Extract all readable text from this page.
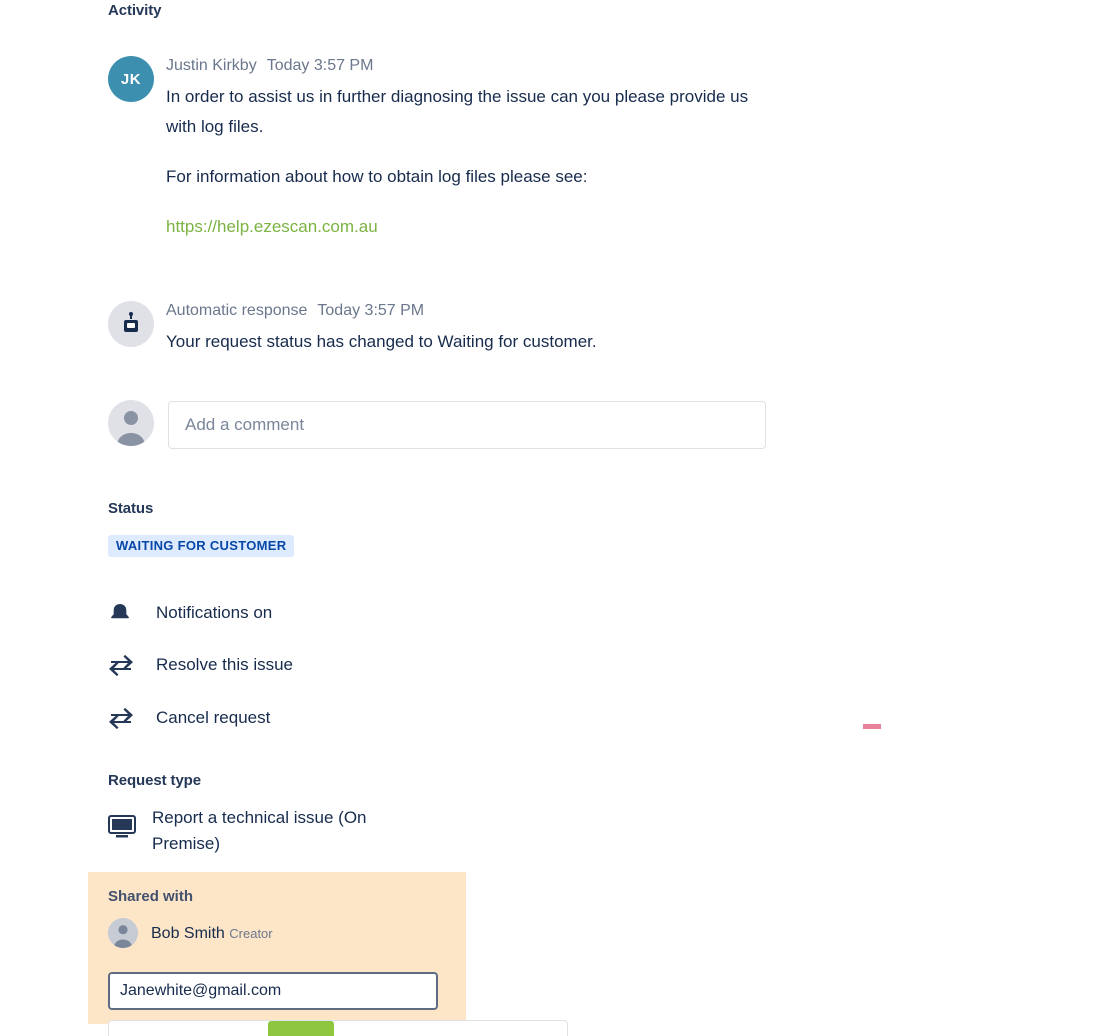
Activity
JK
Justin Kirkby Today 3:57 PM

In order to assist us in further diagnosing the issue can you please provide us with log files.

For information about how to obtain log files please see:

https://help.ezescan.com.au
Automatic response Today 3:57 PM

Your request status has changed to Waiting for customer.

Add a comment
Status
WAITING FOR CUSTOMER
Notifications on
Resolve this issue
Cancel request
Request type
Report a technical issue (On Premise)
Shared with
Bob Smith Creator
Janewhite@gmail.com
